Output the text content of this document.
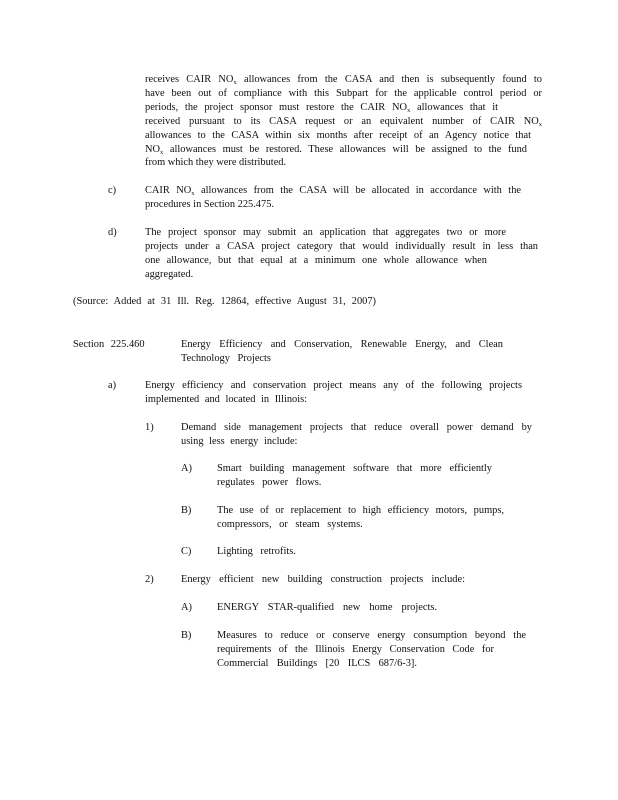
receives CAIR $NO_x$ allowances from the CASA and then is subsequently found to

have been out of compliance with this Subpart for the applicable control period or

periods, the project sponsor must restore the CAIR $NO_x$ allowances that it

received pursuant to its CASA request or an equivalent number of CAIR $NO_x$

allowances to the CASA within six months after receipt of an Agency notice that

$NO_x$ allowances must be restored. These allowances will be assigned to the fund

from which they were distributed.

c)	CAIR $NO_x$ allowances from the CASA will be allocated in accordance with the

procedures in Section 225.475.

d)	The project sponsor may submit an application that aggregates two or more

projects under a CASA project category that would individually result in less than

one allowance, but that equal at a minimum one whole allowance when

aggregated.

(Source: Added at 31 Ill. Reg. 12864, effective August 31, 2007)

Section 225.460	Energy Efficiency and Conservation, Renewable Energy, and Clean

Technology Projects

a)	Energy efficiency and conservation project means any of the following projects

implemented and located in Illinois:

1)	Demand side management projects that reduce overall power demand by

using less energy include:

A) Smart building management software that more efficiently

regulates power flows.

B) The use of or replacement to high efficiency motors, pumps,

compressors, or steam systems.

C) Lighting retrofits.

2)	Energy efficient new building construction projects include:

A) ENERGY STAR-qualified new home projects.

B) Measures to reduce or conserve energy consumption beyond the

requirements of the Illinois Energy Conservation Code for

Commercial Buildings [20 ILCS 687/6-3].
